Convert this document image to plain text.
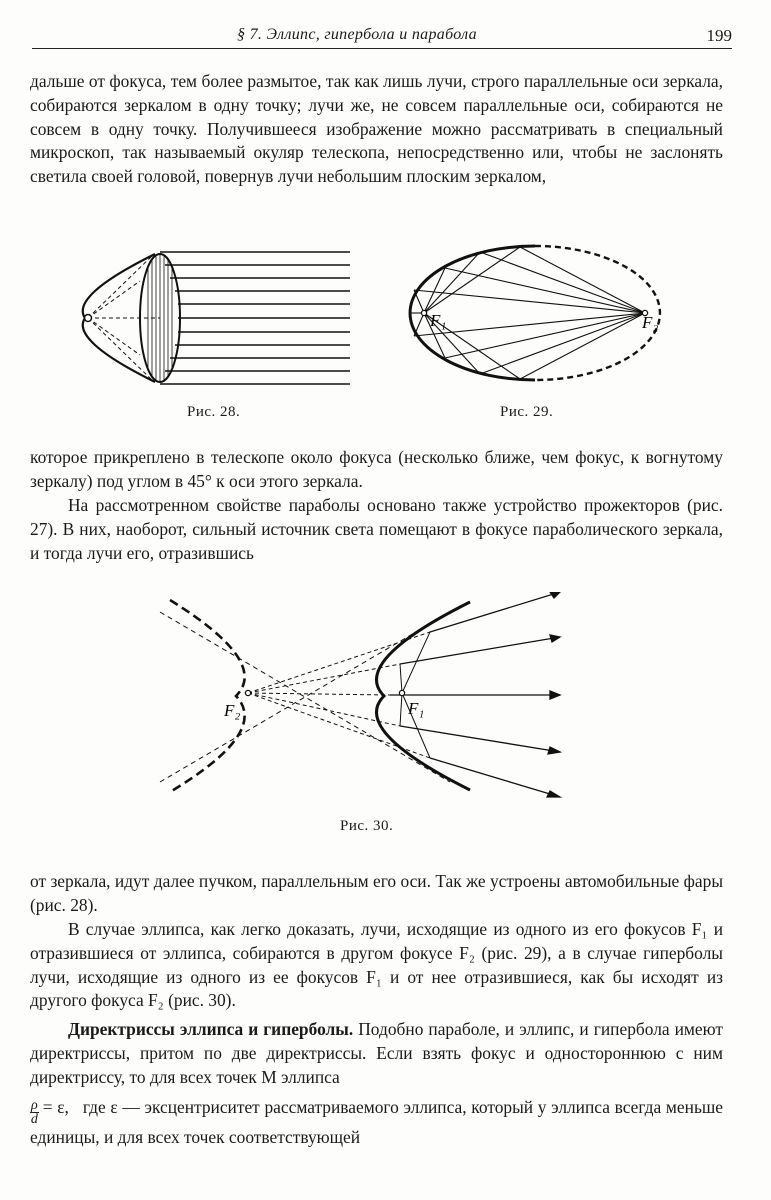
§ 7. Эллипс, гипербола и парабола	199

дальше от фокуса, тем более размытое, так как лишь лучи, строго параллельные оси зеркала, собираются зеркалом в одну точку; лучи же, не совсем параллельные оси, собираются не совсем в одну точку. Получившееся изображение можно рассматривать в специальный микроскоп, так называемый окуляр телескопа, непосредственно или, чтобы не заслонять светила своей головой, повернув лучи небольшим плоским зеркалом,

Рис. 28.
F₁	F₂
Рис. 29.

которое прикреплено в телескопе около фокуса (несколько ближе, чем фокус, к вогнутому зеркалу) под углом в 45° к оси этого зеркала.

На рассмотренном свойстве параболы основано также устройство прожекторов (рис. 27). В них, наоборот, сильный источник света помещают в фокусе параболического зеркала, и тогда лучи его, отразившись

F₂	F₁
Рис. 30.

от зеркала, идут далее пучком, параллельным его оси. Так же устроены автомобильные фары (рис. 28).

В случае эллипса, как легко доказать, лучи, исходящие из одного из его фокусов F₁ и отразившиеся от эллипса, собираются в другом фокусе F₂ (рис. 29), а в случае гиперболы лучи, исходящие из одного из ее фокусов F₁ и от нее отразившиеся, как бы исходят из другого фокуса F₂ (рис. 30).

Директриссы эллипса и гиперболы. Подобно параболе, и эллипс, и гипербола имеют директриссы, притом по две директриссы. Если взять фокус и одностороннюю с ним директриссу, то для всех точек M эллипса

$\frac{\rho}{d} = \varepsilon$, где ε — эксцентриситет рассматриваемого эллипса, который у эллипса всегда меньше единицы, и для всех точек соответствующей
